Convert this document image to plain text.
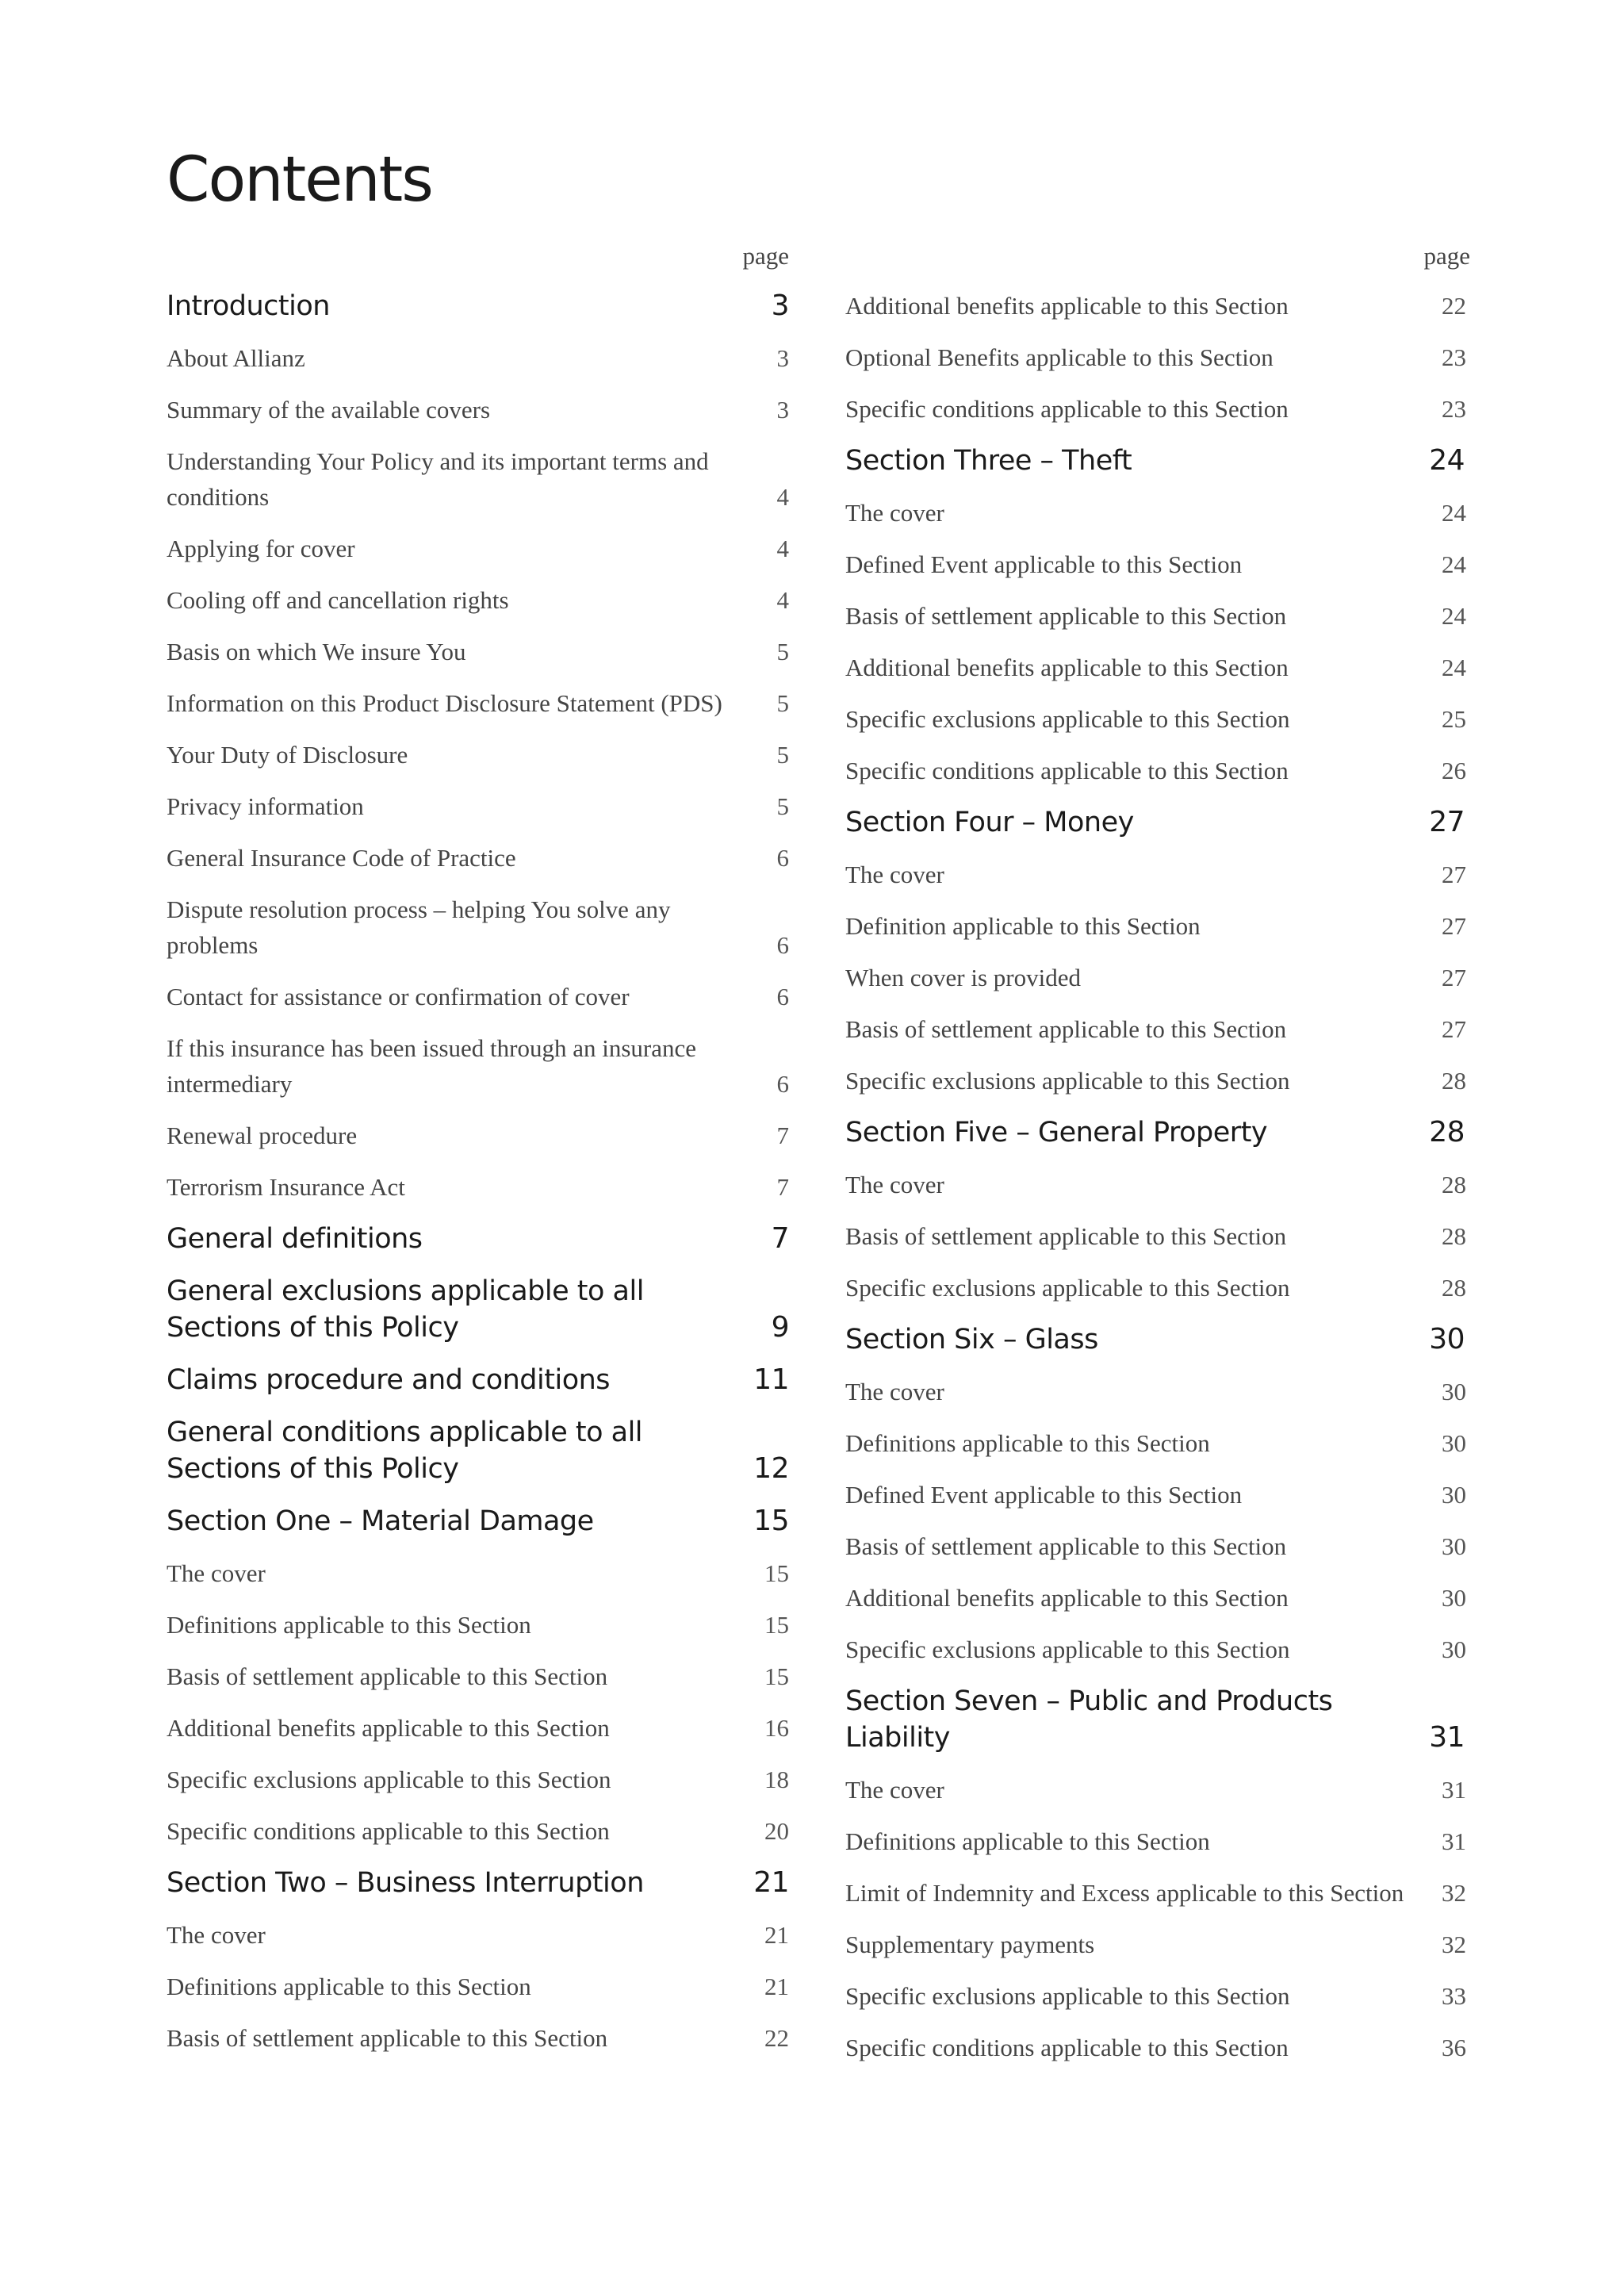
Contents
page
Introduction	3
About Allianz	3
Summary of the available covers	3
Understanding Your Policy and its important terms and conditions	4
Applying for cover	4
Cooling off and cancellation rights	4
Basis on which We insure You	5
Information on this Product Disclosure Statement (PDS)	5
Your Duty of Disclosure	5
Privacy information	5
General Insurance Code of Practice	6
Dispute resolution process – helping You solve any problems	6
Contact for assistance or confirmation of cover	6
If this insurance has been issued through an insurance intermediary	6
Renewal procedure	7
Terrorism Insurance Act	7
General definitions	7
General exclusions applicable to all Sections of this Policy	9
Claims procedure and conditions	11
General conditions applicable to all Sections of this Policy	12
Section One – Material Damage	15
The cover	15
Definitions applicable to this Section	15
Basis of settlement applicable to this Section	15
Additional benefits applicable to this Section	16
Specific exclusions applicable to this Section	18
Specific conditions applicable to this Section	20
Section Two – Business Interruption	21
The cover	21
Definitions applicable to this Section	21
Basis of settlement applicable to this Section	22
page
Additional benefits applicable to this Section	22
Optional Benefits applicable to this Section	23
Specific conditions applicable to this Section	23
Section Three – Theft	24
The cover	24
Defined Event applicable to this Section	24
Basis of settlement applicable to this Section	24
Additional benefits applicable to this Section	24
Specific exclusions applicable to this Section	25
Specific conditions applicable to this Section	26
Section Four – Money	27
The cover	27
Definition applicable to this Section	27
When cover is provided	27
Basis of settlement applicable to this Section	27
Specific exclusions applicable to this Section	28
Section Five – General Property	28
The cover	28
Basis of settlement applicable to this Section	28
Specific exclusions applicable to this Section	28
Section Six – Glass	30
The cover	30
Definitions applicable to this Section	30
Defined Event applicable to this Section	30
Basis of settlement applicable to this Section	30
Additional benefits applicable to this Section	30
Specific exclusions applicable to this Section	30
Section Seven – Public and Products Liability	31
The cover	31
Definitions applicable to this Section	31
Limit of Indemnity and Excess applicable to this Section	32
Supplementary payments	32
Specific exclusions applicable to this Section	33
Specific conditions applicable to this Section	36
